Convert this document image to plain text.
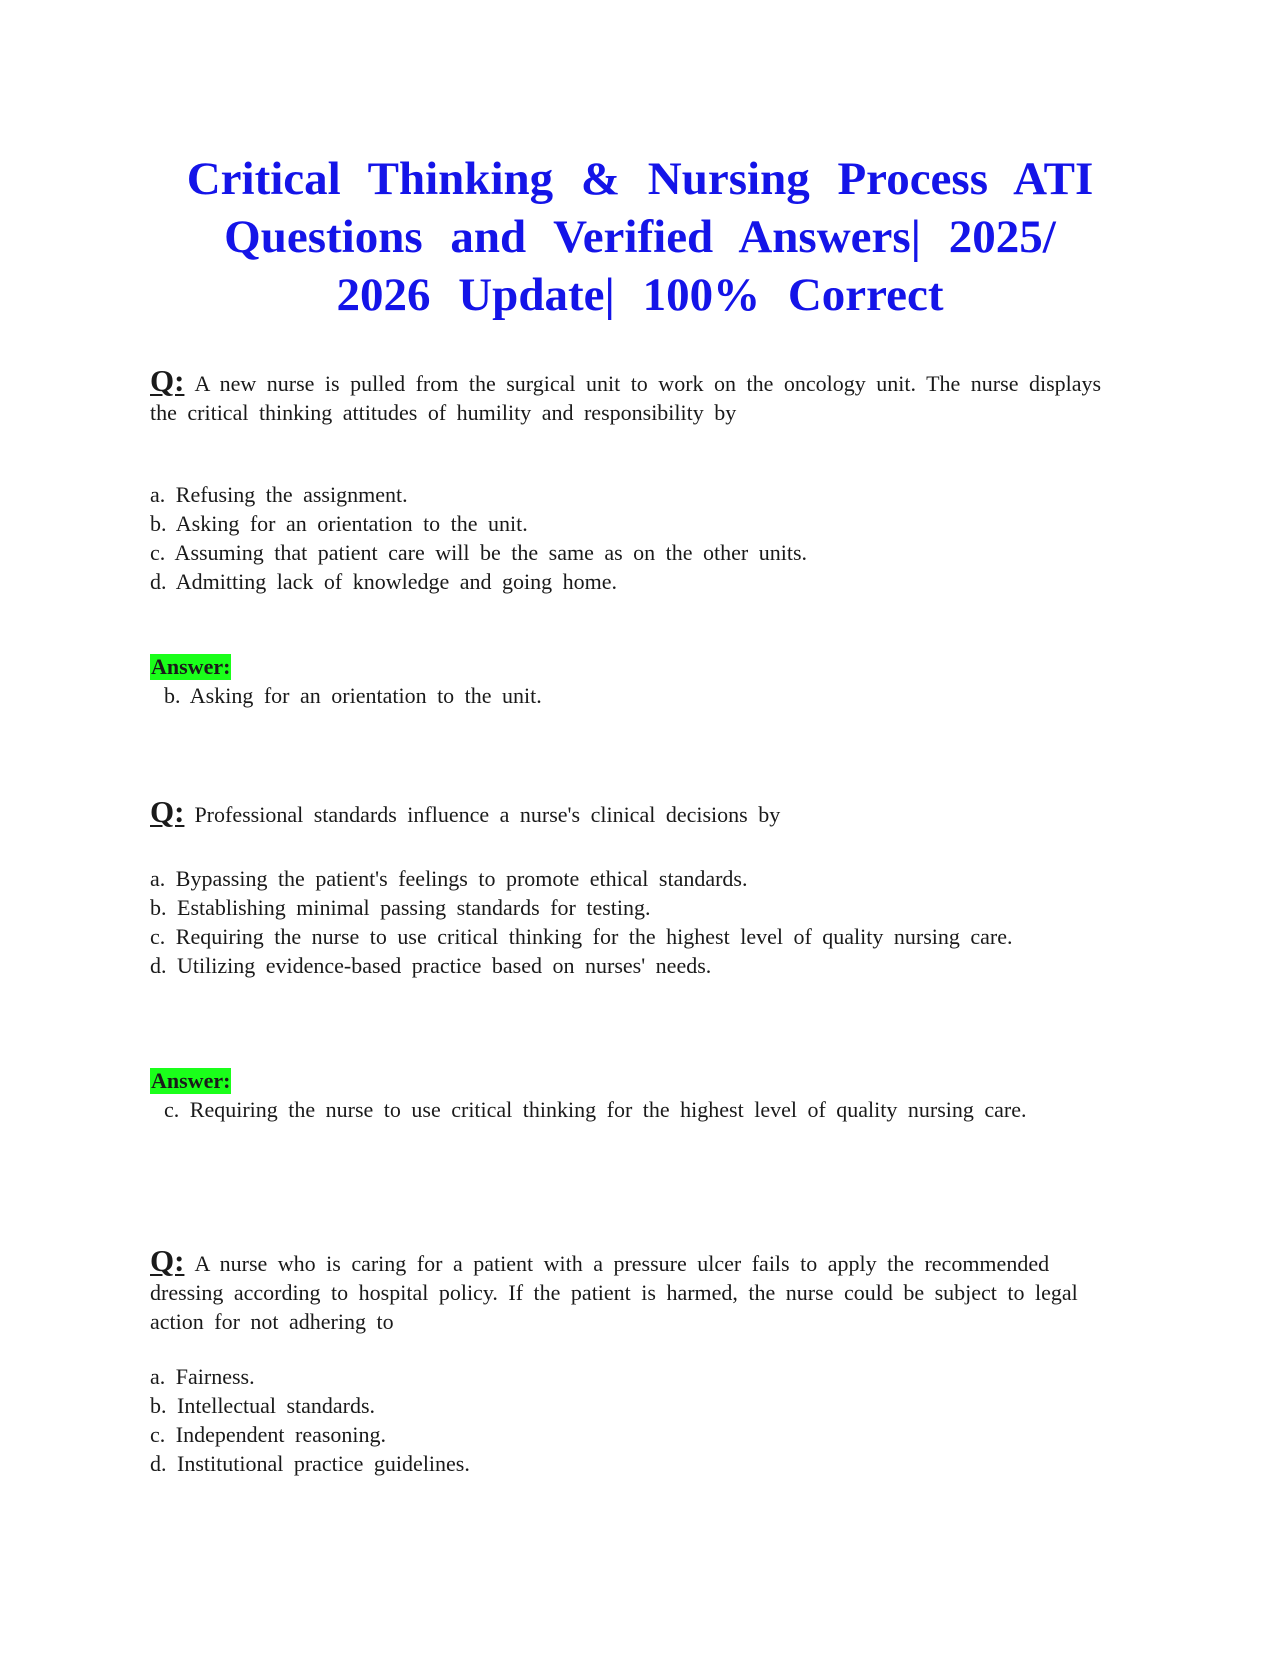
Critical Thinking & Nursing Process ATI
Questions and Verified Answers| 2025/
2026 Update| 100% Correct
Q: A new nurse is pulled from the surgical unit to work on the oncology unit. The nurse displays the critical thinking attitudes of humility and responsibility by
a. Refusing the assignment.
b. Asking for an orientation to the unit.
c. Assuming that patient care will be the same as on the other units.
d. Admitting lack of knowledge and going home.
Answer:
b. Asking for an orientation to the unit.
Q: Professional standards influence a nurse's clinical decisions by
a. Bypassing the patient's feelings to promote ethical standards.
b. Establishing minimal passing standards for testing.
c. Requiring the nurse to use critical thinking for the highest level of quality nursing care.
d. Utilizing evidence-based practice based on nurses' needs.
Answer:
c. Requiring the nurse to use critical thinking for the highest level of quality nursing care.
Q: A nurse who is caring for a patient with a pressure ulcer fails to apply the recommended dressing according to hospital policy. If the patient is harmed, the nurse could be subject to legal action for not adhering to
a. Fairness.
b. Intellectual standards.
c. Independent reasoning.
d. Institutional practice guidelines.
